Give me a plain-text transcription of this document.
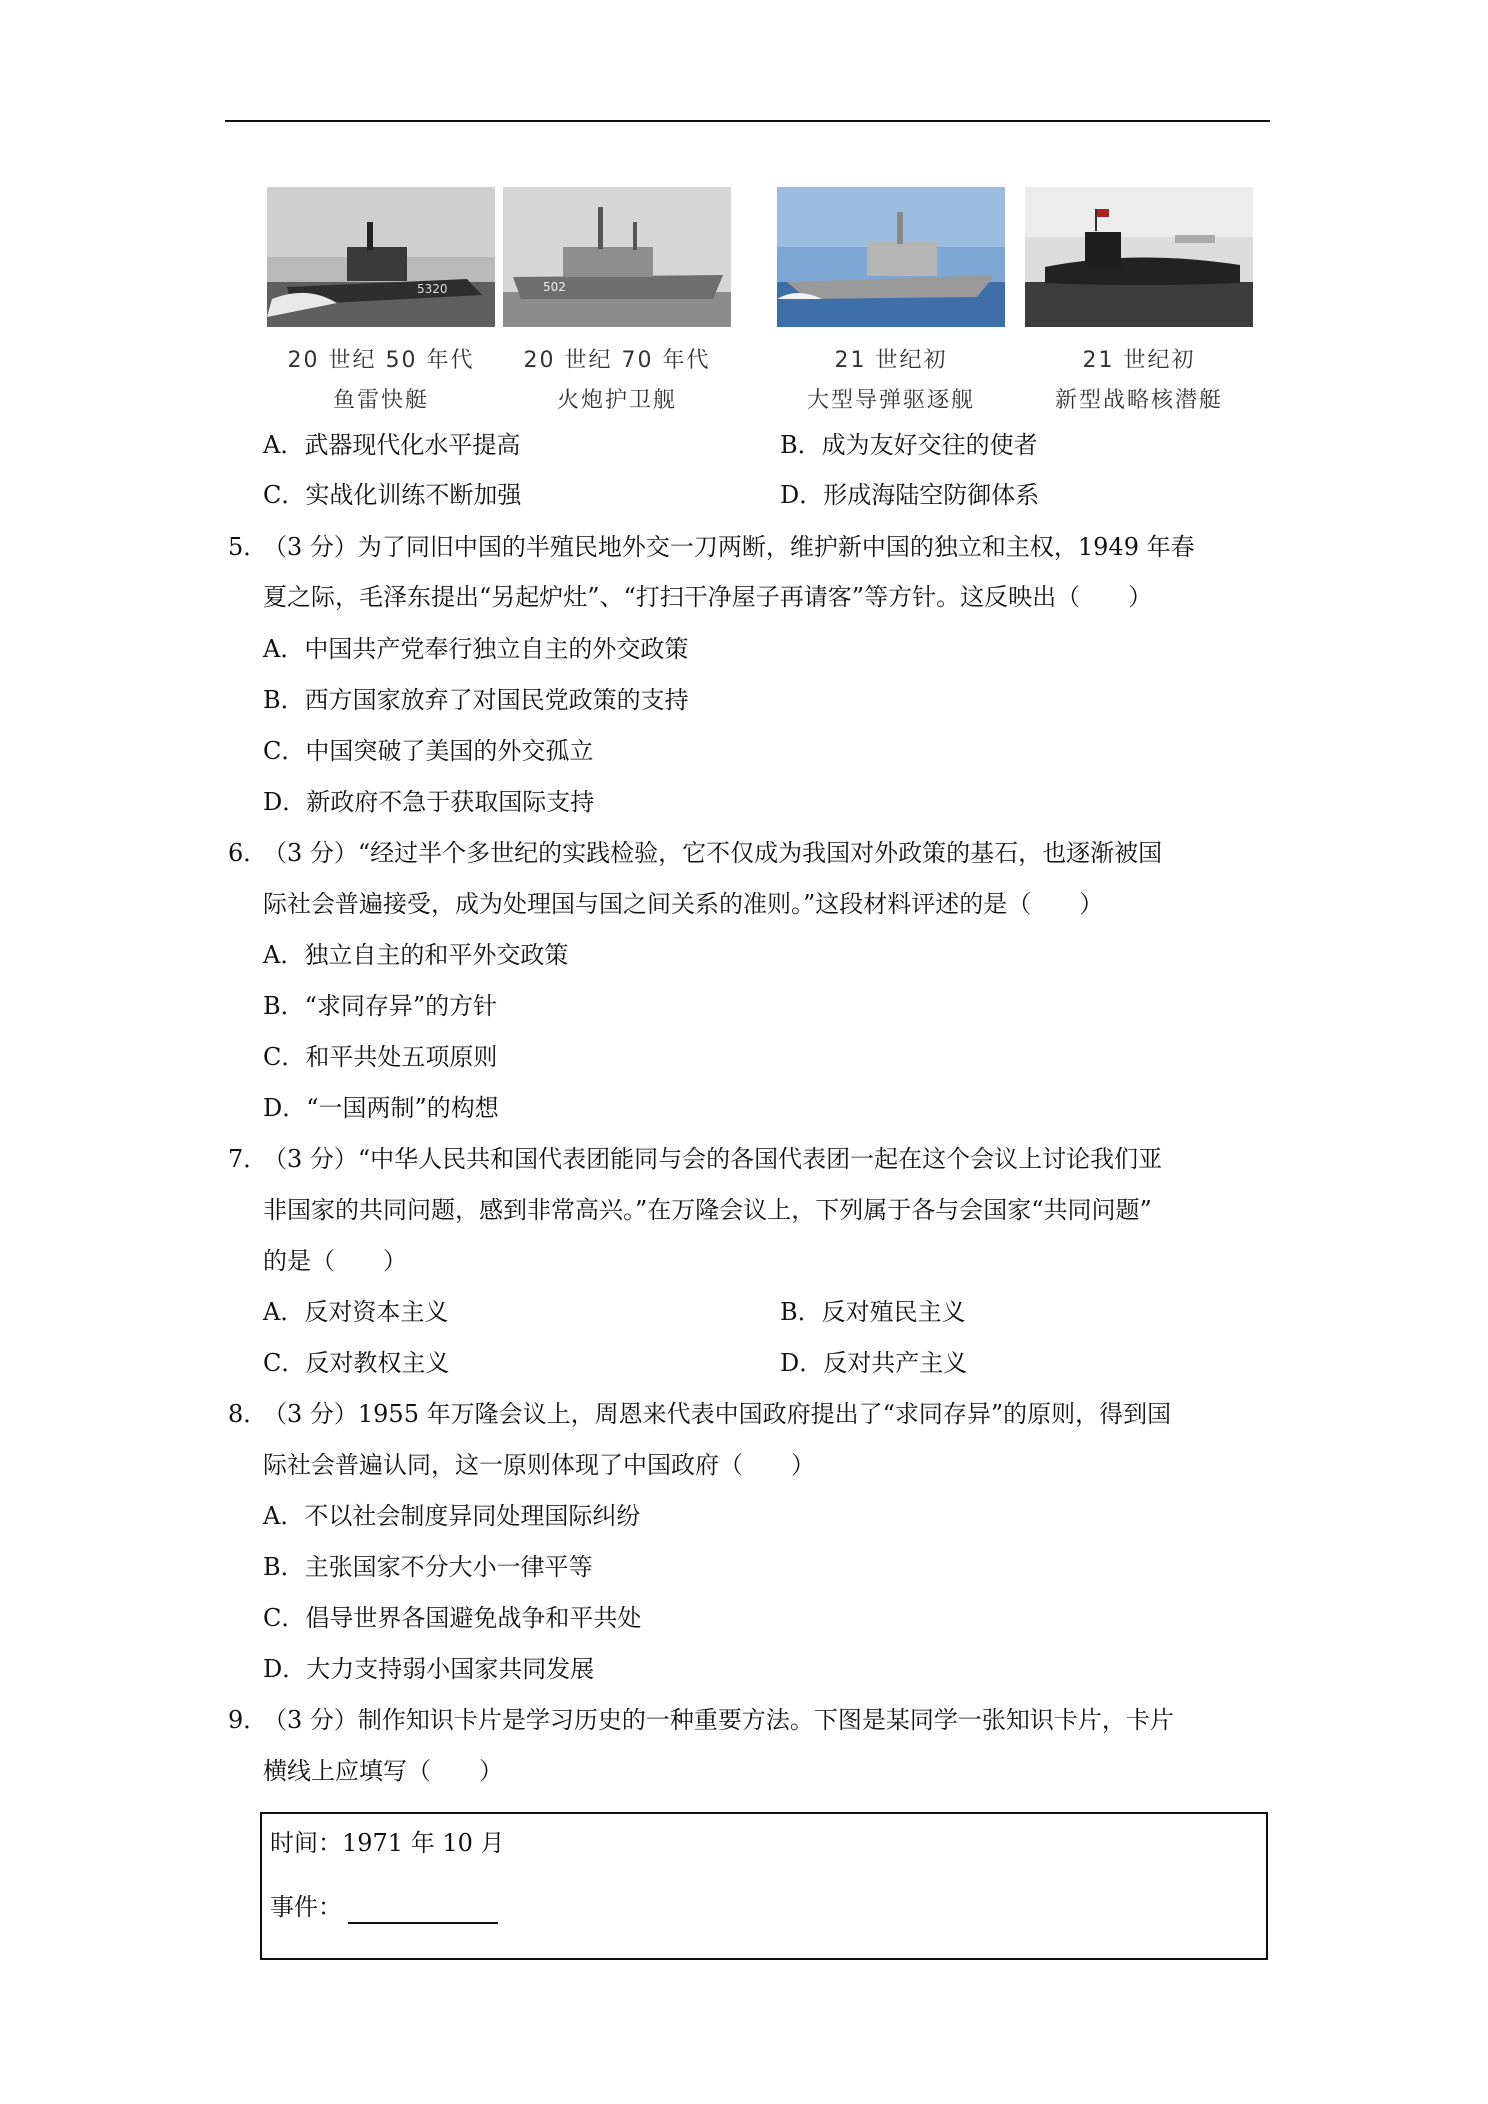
5320
20 世纪 50 年代
鱼雷快艇
502
20 世纪 70 年代
火炮护卫舰
21 世纪初
大型导弹驱逐舰
21 世纪初
新型战略核潜艇
A．武器现代化水平提高	B．成为友好交往的使者
C．实战化训练不断加强	D．形成海陆空防御体系
5．
（3 分）为了同旧中国的半殖民地外交一刀两断，维护新中国的独立和主权，1949 年春
夏之际，毛泽东提出“另起炉灶”、“打扫干净屋子再请客”等方针。这反映出（　　）
A．中国共产党奉行独立自主的外交政策
B．西方国家放弃了对国民党政策的支持
C．中国突破了美国的外交孤立
D．新政府不急于获取国际支持
6．
（3 分）“经过半个多世纪的实践检验，它不仅成为我国对外政策的基石，也逐渐被国
际社会普遍接受，成为处理国与国之间关系的准则。”这段材料评述的是（　　）
A．独立自主的和平外交政策
B．“求同存异”的方针
C．和平共处五项原则
D．“一国两制”的构想
7．
（3 分）“中华人民共和国代表团能同与会的各国代表团一起在这个会议上讨论我们亚
非国家的共同问题，感到非常高兴。”在万隆会议上，下列属于各与会国家“共同问题”
的是（　　）
A．反对资本主义	B．反对殖民主义
C．反对教权主义	D．反对共产主义
8．
（3 分）1955 年万隆会议上，周恩来代表中国政府提出了“求同存异”的原则，得到国
际社会普遍认同，这一原则体现了中国政府（　　）
A．不以社会制度异同处理国际纠纷
B．主张国家不分大小一律平等
C．倡导世界各国避免战争和平共处
D．大力支持弱小国家共同发展
9．
（3 分）制作知识卡片是学习历史的一种重要方法。下图是某同学一张知识卡片，卡片
横线上应填写（　　）
时间：1971 年 10 月
事件：
